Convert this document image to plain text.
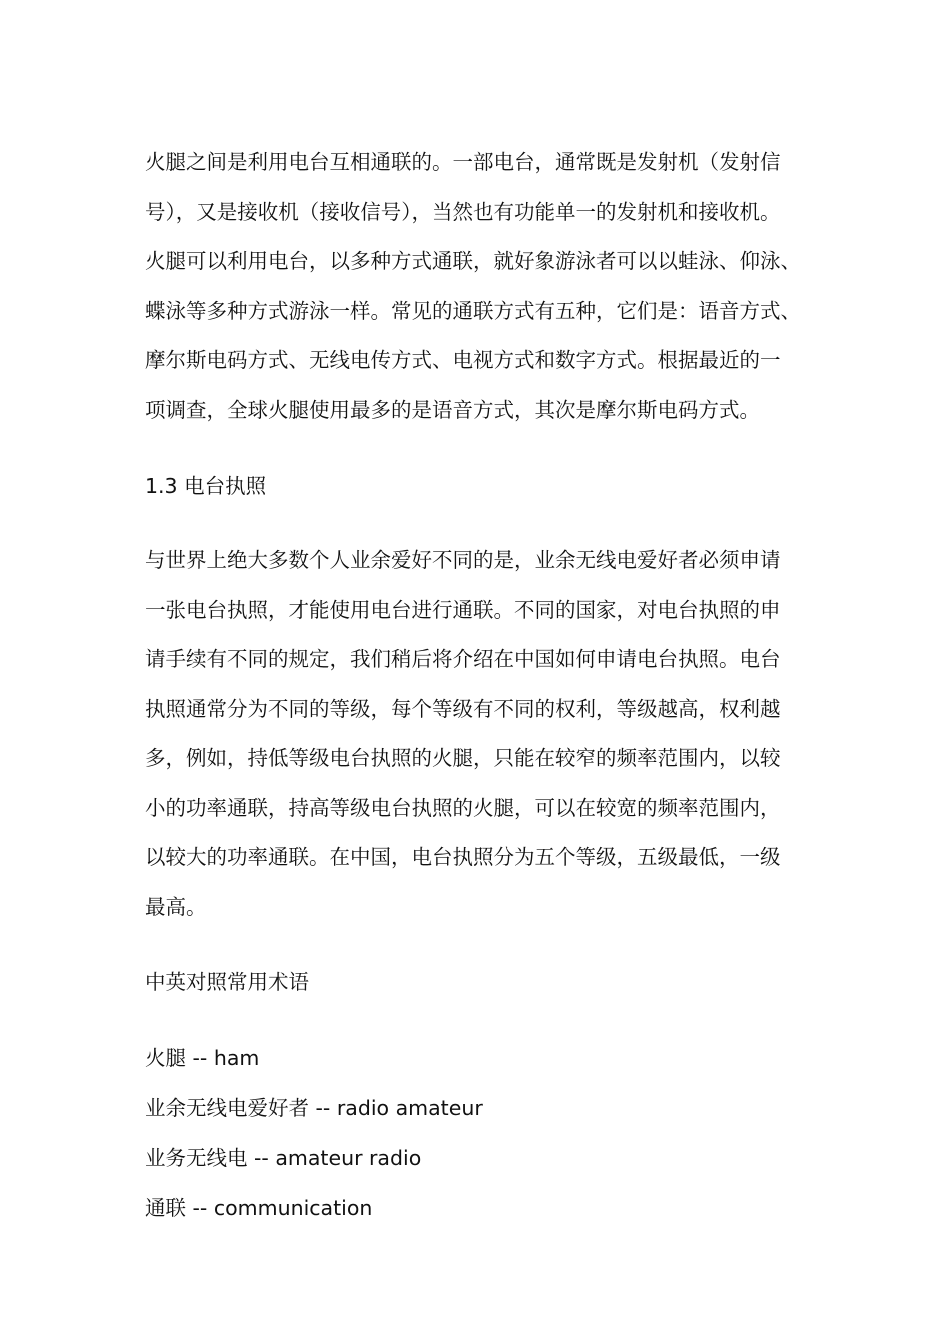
火腿之间是利用电台互相通联的。一部电台，通常既是发射机（发射信
号），又是接收机（接收信号），当然也有功能单一的发射机和接收机。
火腿可以利用电台，以多种方式通联，就好象游泳者可以以蛙泳、仰泳、
蝶泳等多种方式游泳一样。常见的通联方式有五种，它们是：语音方式、
摩尔斯电码方式、无线电传方式、电视方式和数字方式。根据最近的一
项调查，全球火腿使用最多的是语音方式，其次是摩尔斯电码方式。
1.3 电台执照
与世界上绝大多数个人业余爱好不同的是，业余无线电爱好者必须申请
一张电台执照，才能使用电台进行通联。不同的国家，对电台执照的申
请手续有不同的规定，我们稍后将介绍在中国如何申请电台执照。电台
执照通常分为不同的等级，每个等级有不同的权利，等级越高，权利越
多，例如，持低等级电台执照的火腿，只能在较窄的频率范围内，以较
小的功率通联，持高等级电台执照的火腿，可以在较宽的频率范围内，
以较大的功率通联。在中国，电台执照分为五个等级，五级最低，一级
最高。
中英对照常用术语
火腿 -- ham
业余无线电爱好者 -- radio amateur
业务无线电 -- amateur radio
通联 -- communication
